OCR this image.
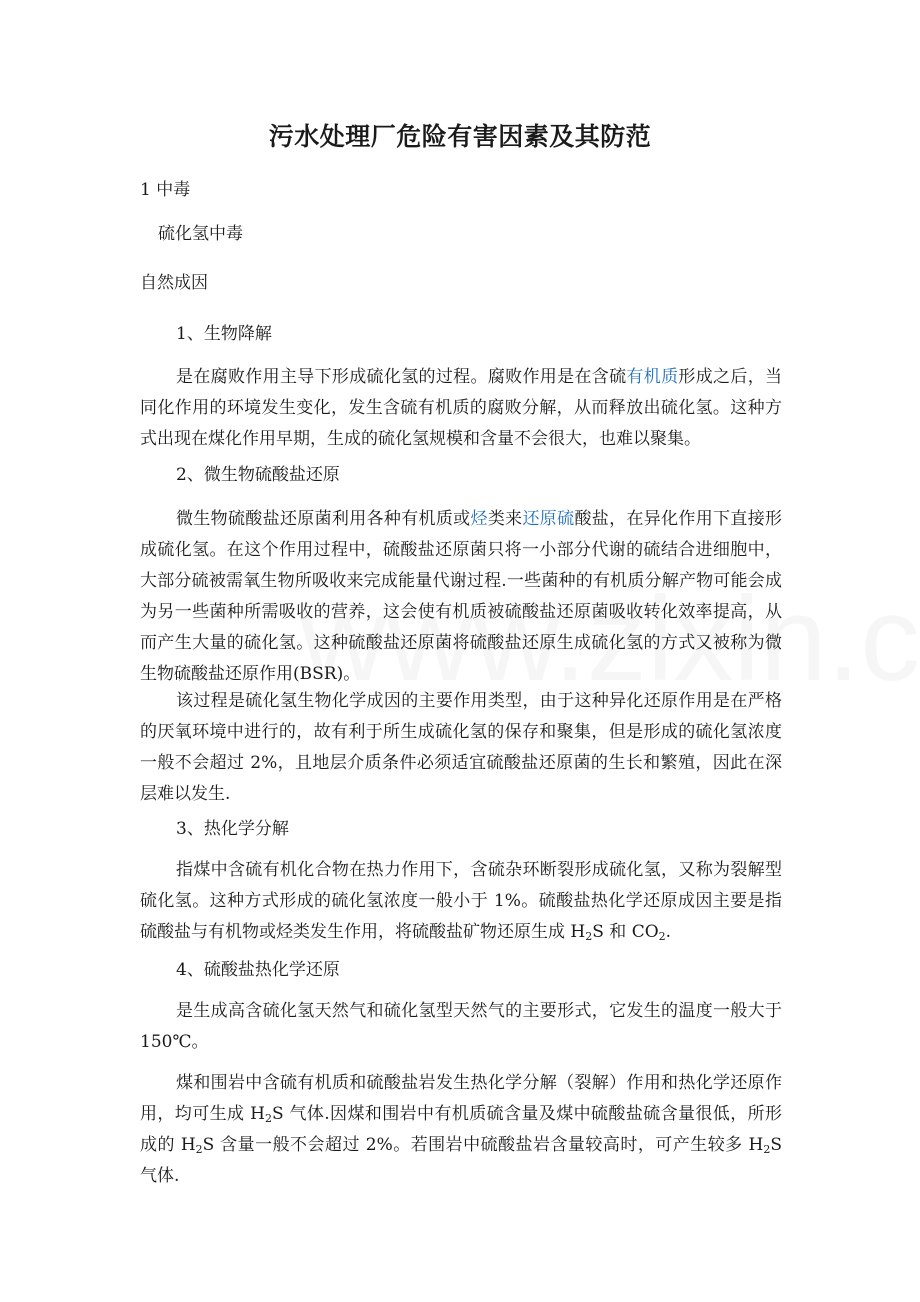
污水处理厂危险有害因素及其防范
1 中毒
硫化氢中毒
自然成因
1、生物降解
是在腐败作用主导下形成硫化氢的过程。腐败作用是在含硫有机质形成之后，当同化作用的环境发生变化，发生含硫有机质的腐败分解，从而释放出硫化氢。这种方式出现在煤化作用早期，生成的硫化氢规模和含量不会很大，也难以聚集。
2、微生物硫酸盐还原
微生物硫酸盐还原菌利用各种有机质或烃类来还原硫酸盐，在异化作用下直接形成硫化氢。在这个作用过程中，硫酸盐还原菌只将一小部分代谢的硫结合进细胞中，大部分硫被需氧生物所吸收来完成能量代谢过程.一些菌种的有机质分解产物可能会成为另一些菌种所需吸收的营养，这会使有机质被硫酸盐还原菌吸收转化效率提高，从而产生大量的硫化氢。这种硫酸盐还原菌将硫酸盐还原生成硫化氢的方式又被称为微生物硫酸盐还原作用(BSR)。
该过程是硫化氢生物化学成因的主要作用类型，由于这种异化还原作用是在严格的厌氧环境中进行的，故有利于所生成硫化氢的保存和聚集，但是形成的硫化氢浓度一般不会超过 2%，且地层介质条件必须适宜硫酸盐还原菌的生长和繁殖，因此在深层难以发生.
3、热化学分解
指煤中含硫有机化合物在热力作用下，含硫杂环断裂形成硫化氢，又称为裂解型硫化氢。这种方式形成的硫化氢浓度一般小于 1%。硫酸盐热化学还原成因主要是指硫酸盐与有机物或烃类发生作用，将硫酸盐矿物还原生成 $H_2S$ 和 $CO_2$.
4、硫酸盐热化学还原
是生成高含硫化氢天然气和硫化氢型天然气的主要形式，它发生的温度一般大于 150℃。
煤和围岩中含硫有机质和硫酸盐岩发生热化学分解（裂解）作用和热化学还原作用，均可生成 $H_2S$ 气体.因煤和围岩中有机质硫含量及煤中硫酸盐硫含量很低，所形成的 $H_2S$ 含量一般不会超过 2%。若围岩中硫酸盐岩含量较高时，可产生较多 $H_2S$ 气体.
